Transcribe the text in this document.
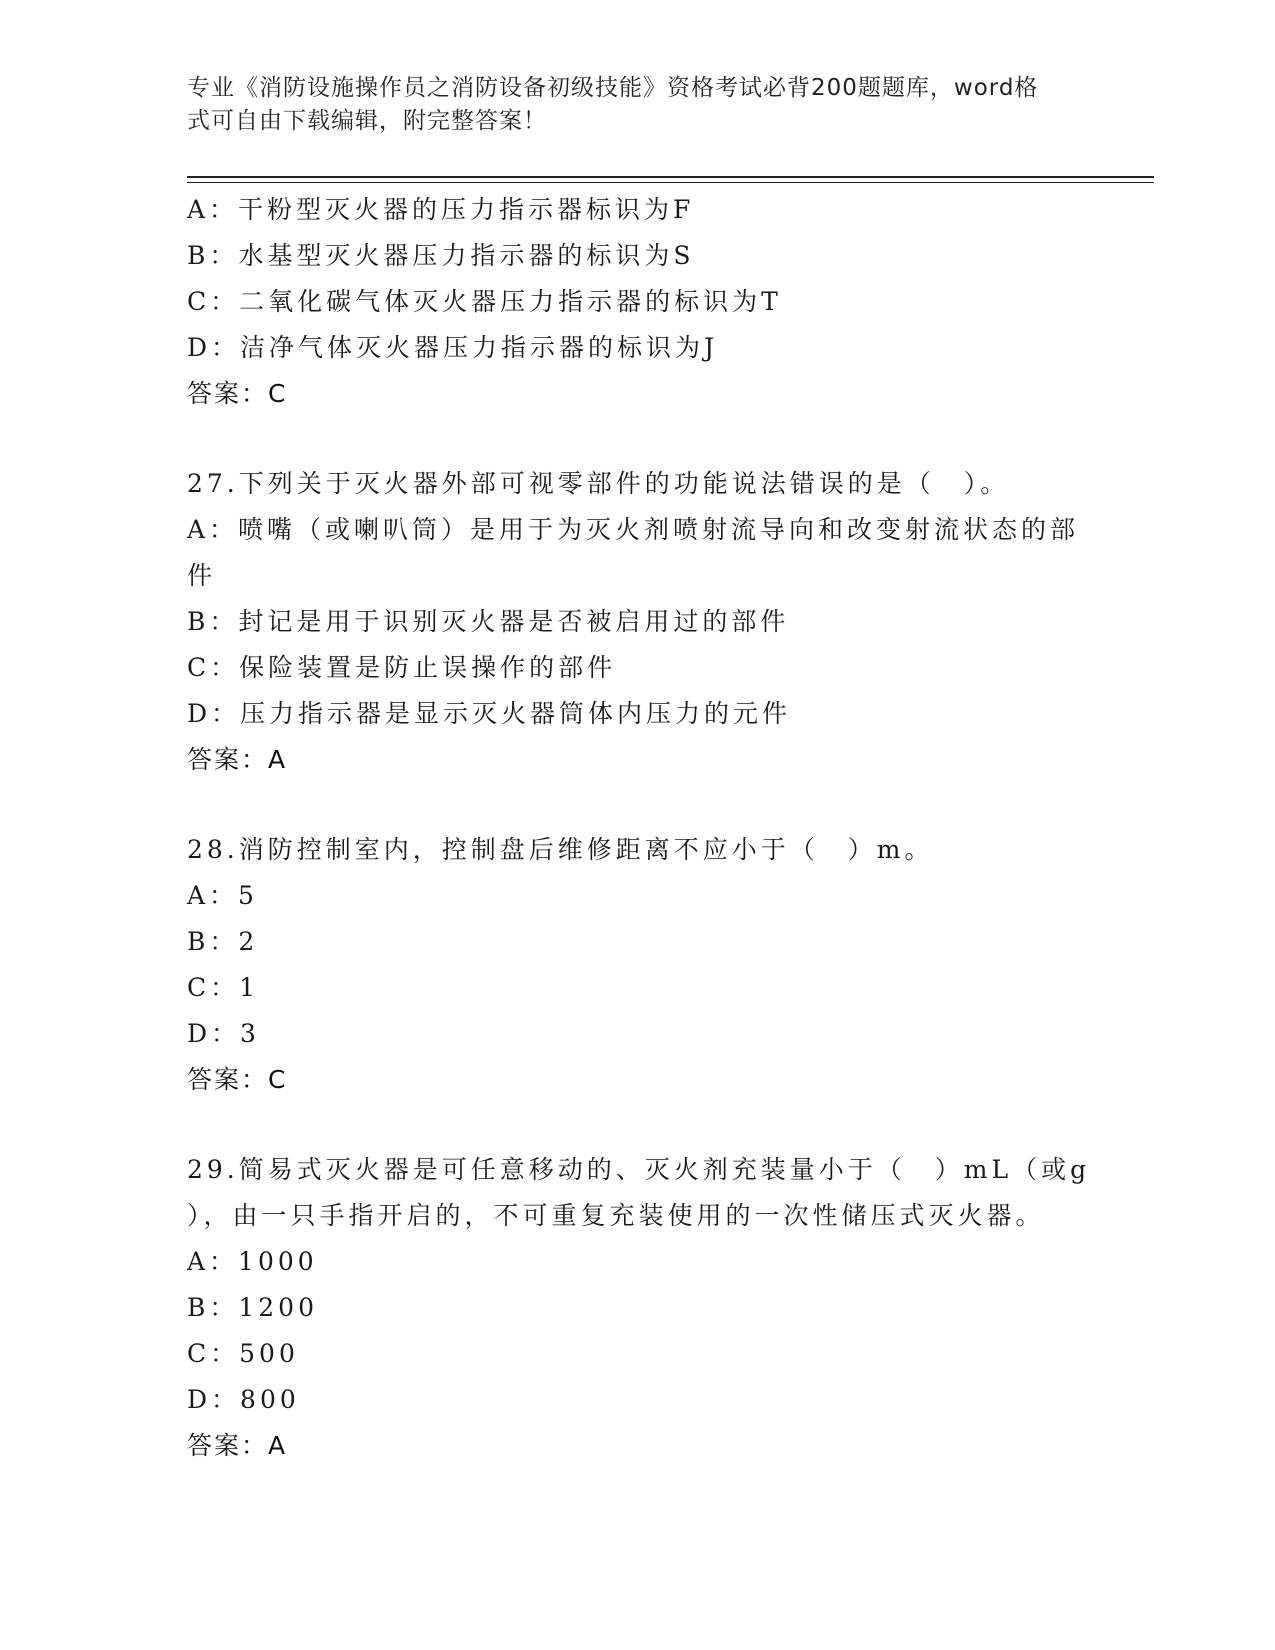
专业《消防设施操作员之消防设备初级技能》资格考试必背200题题库，word格
式可自由下载编辑，附完整答案！
A：干粉型灭火器的压力指示器标识为F
B：水基型灭火器压力指示器的标识为S
C：二氧化碳气体灭火器压力指示器的标识为T
D：洁净气体灭火器压力指示器的标识为J
答案：C
27.下列关于灭火器外部可视零部件的功能说法错误的是（　）。
A：喷嘴（或喇叭筒）是用于为灭火剂喷射流导向和改变射流状态的部
件
B：封记是用于识别灭火器是否被启用过的部件
C：保险装置是防止误操作的部件
D：压力指示器是显示灭火器筒体内压力的元件
答案：A
28.消防控制室内，控制盘后维修距离不应小于（　）m。
A：5
B：2
C：1
D：3
答案：C
29.简易式灭火器是可任意移动的、灭火剂充装量小于（　）mL（或g
），由一只手指开启的，不可重复充装使用的一次性储压式灭火器。
A：1000
B：1200
C：500
D：800
答案：A
